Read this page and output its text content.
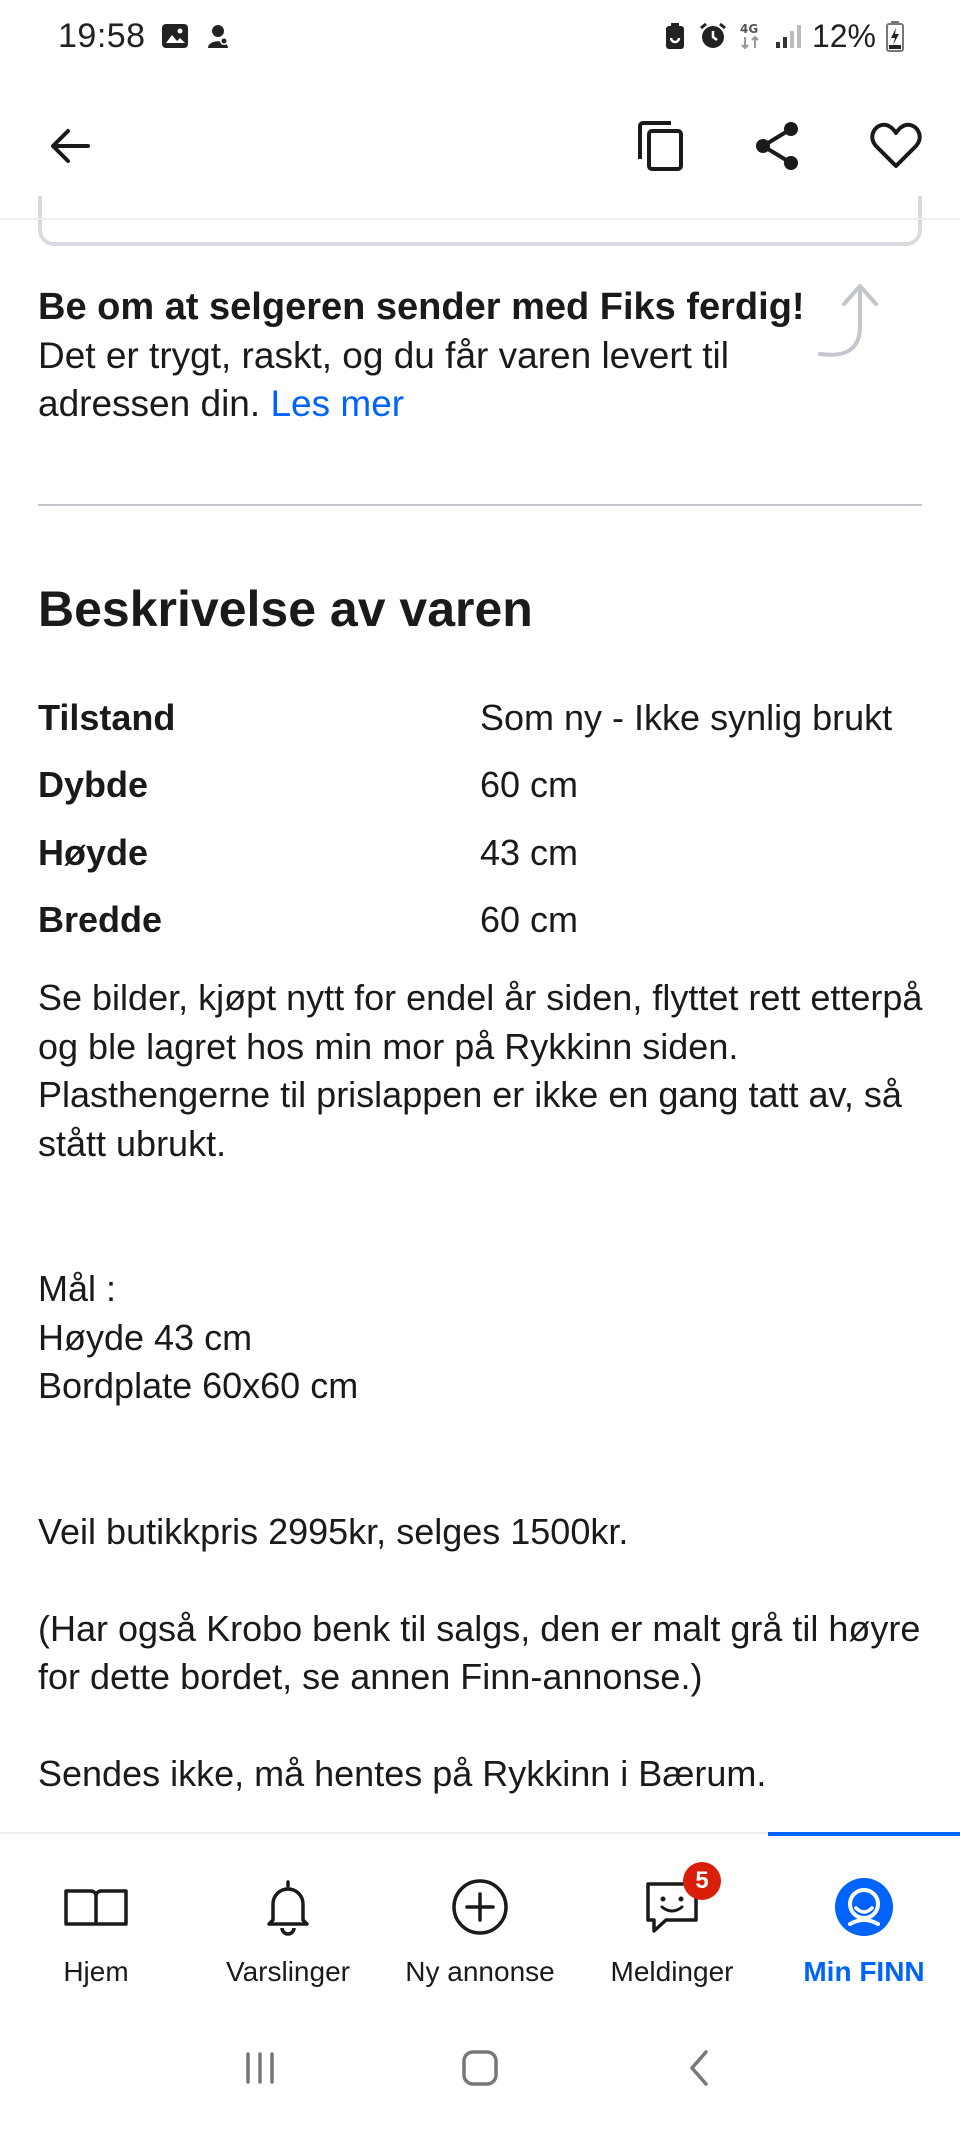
19:58	4G 12%
Be om at selgeren sender med Fiks ferdig!
Det er trygt, raskt, og du får varen levert til adressen din. Les mer
Beskrivelse av varen
Tilstand	Som ny - Ikke synlig brukt
Dybde	60 cm
Høyde	43 cm
Bredde	60 cm

Se bilder, kjøpt nytt for endel år siden, flyttet rett etterpå og ble lagret hos min mor på Rykkinn siden. Plasthengerne til prislappen er ikke en gang tatt av, så stått ubrukt.

Mål :

Høyde 43 cm

Bordplate 60x60 cm

Veil butikkpris 2995kr, selges 1500kr.

(Har også Krobo benk til salgs, den er malt grå til høyre for dette bordet, se annen Finn-annonse.)

Sendes ikke, må hentes på Rykkinn i Bærum.

Hjem	Varslinger Ny annonse
5
Meldinger Min FINN
